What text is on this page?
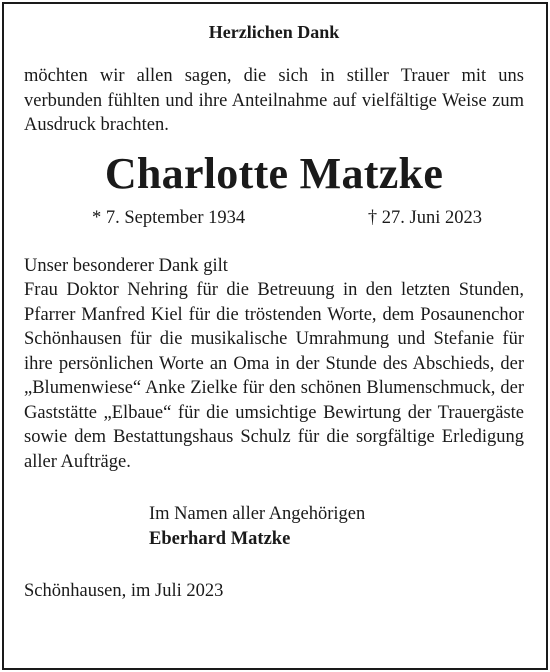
Herzlichen Dank

möchten wir allen sagen, die sich in stiller Trauer mit uns verbunden fühlten und ihre Anteilnahme auf vielfältige Weise zum Ausdruck brachten.

Charlotte Matzke
* 7. September 1934	† 27. Juni 2023
Unser besonderer Dank gilt

Frau Doktor Nehring für die Betreuung in den letzten Stunden, Pfarrer Manfred Kiel für die tröstenden Worte, dem Posaunenchor Schönhausen für die musikalische Umrahmung und Stefanie für ihre persönlichen Worte an Oma in der Stunde des Abschieds, der „Blumenwiese“ Anke Zielke für den schönen Blumenschmuck, der Gaststätte „Elbaue“ für die umsichtige Bewirtung der Trauergäste sowie dem Bestattungshaus Schulz für die sorgfältige Erledigung aller Aufträge.

Im Namen aller Angehörigen
Eberhard Matzke
Schönhausen, im Juli 2023
